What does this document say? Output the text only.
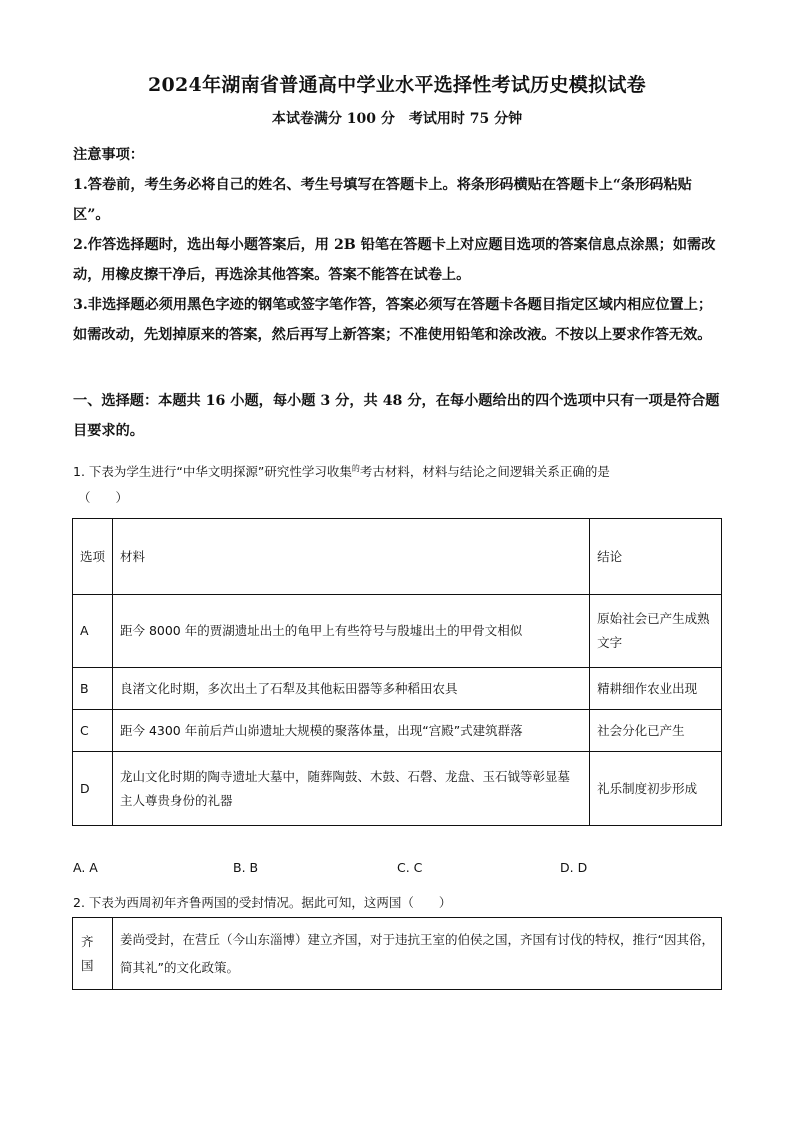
2024年湖南省普通高中学业水平选择性考试历史模拟试卷
本试卷满分 100 分　考试用时 75 分钟

注意事项：

1.答卷前，考生务必将自己的姓名、考生号填写在答题卡上。将条形码横贴在答题卡上“条形码粘贴区”。

2.作答选择题时，选出每小题答案后，用 2B 铅笔在答题卡上对应题目选项的答案信息点涂黑；如需改动，用橡皮擦干净后，再选涂其他答案。答案不能答在试卷上。

3.非选择题必须用黑色字迹的钢笔或签字笔作答，答案必须写在答题卡各题目指定区域内相应位置上；如需改动，先划掉原来的答案，然后再写上新答案；不准使用铅笔和涂改液。不按以上要求作答无效。

一、选择题：本题共 16 小题，每小题 3 分，共 48 分，在每小题给出的四个选项中只有一项是符合题目要求的。

1. 下表为学生进行“中华文明探源”研究性学习收集$^的$考古材料，材料与结论之间逻辑关系正确的是
（　　）
选项	材料	结论
A	距今 8000 年的贾湖遗址出土的龟甲上有些符号与殷墟出土的甲骨文相似	原始社会已产生成熟文字
B	良渚文化时期，多次出土了石犁及其他耘田器等多种稻田农具	精耕细作农业出现
C	距今 4300 年前后芦山峁遗址大规模的聚落体量，出现“宫殿”式建筑群落	社会分化已产生
D	龙山文化时期的陶寺遗址大墓中，随葬陶鼓、木鼓、石磬、龙盘、玉石钺等彰显墓主人尊贵身份的礼器	礼乐制度初步形成
A. A	B. B	C. C	D. D
2. 下表为西周初年齐鲁两国的受封情况。据此可知，这两国（　　）
齐国	姜尚受封，在营丘（今山东淄博）建立齐国，对于违抗王室的伯侯之国，齐国有讨伐的特权，推行“因其俗，简其礼”的文化政策。
